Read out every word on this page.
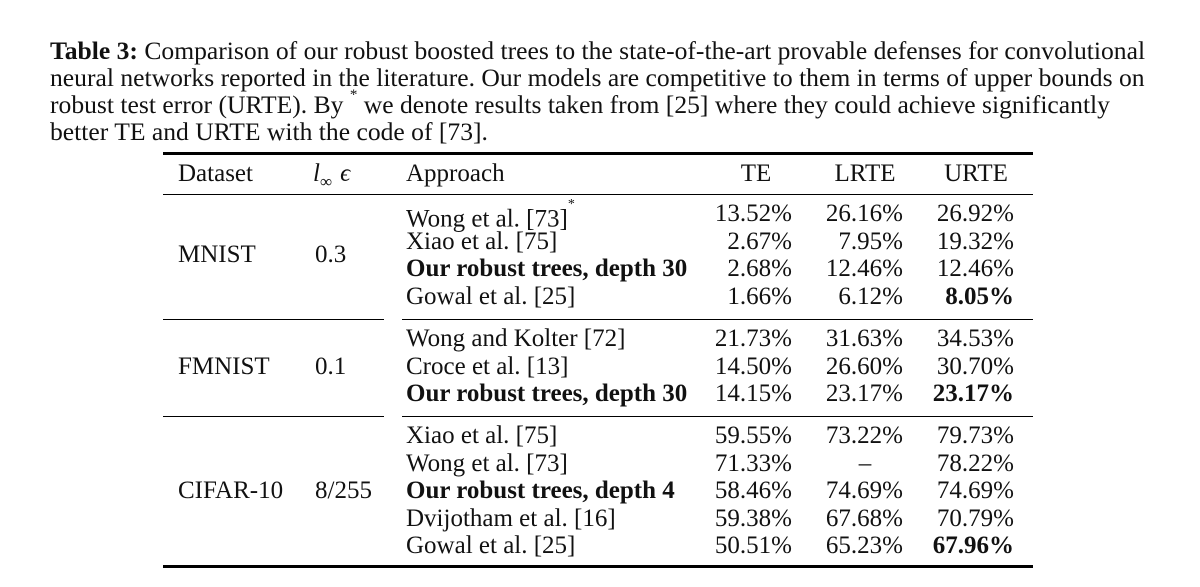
Table 3: Comparison of our robust boosted trees to the state-of-the-art provable defenses for convolutional neural networks reported in the literature. Our models are competitive to them in terms of upper bounds on robust test error (URTE). By * we denote results taken from [25] where they could achieve significantly better TE and URTE with the code of [73].
Dataset $l_\infty$ ϵ Approach	TE	LRTE	URTE
MNIST 0.3
Wong et al. [73]*	13.52%	26.16%	26.92%
Xiao et al. [75]	2.67%	7.95%	19.32%
Our robust trees, depth 30	2.68%	12.46%	12.46%
Gowal et al. [25]	1.66%	6.12%	8.05%
FMNIST 0.1
Wong and Kolter [72]	21.73%	31.63%	34.53%
Croce et al. [13]	14.50%	26.60%	30.70%
Our robust trees, depth 30	14.15%	23.17%	23.17%
CIFAR-10 8/255
Xiao et al. [75]	59.55%	73.22%	79.73%
Wong et al. [73]	71.33%	–	78.22%
Our robust trees, depth 4	58.46%	74.69%	74.69%
Dvijotham et al. [16]	59.38%	67.68%	70.79%
Gowal et al. [25]	50.51%	65.23%	67.96%
